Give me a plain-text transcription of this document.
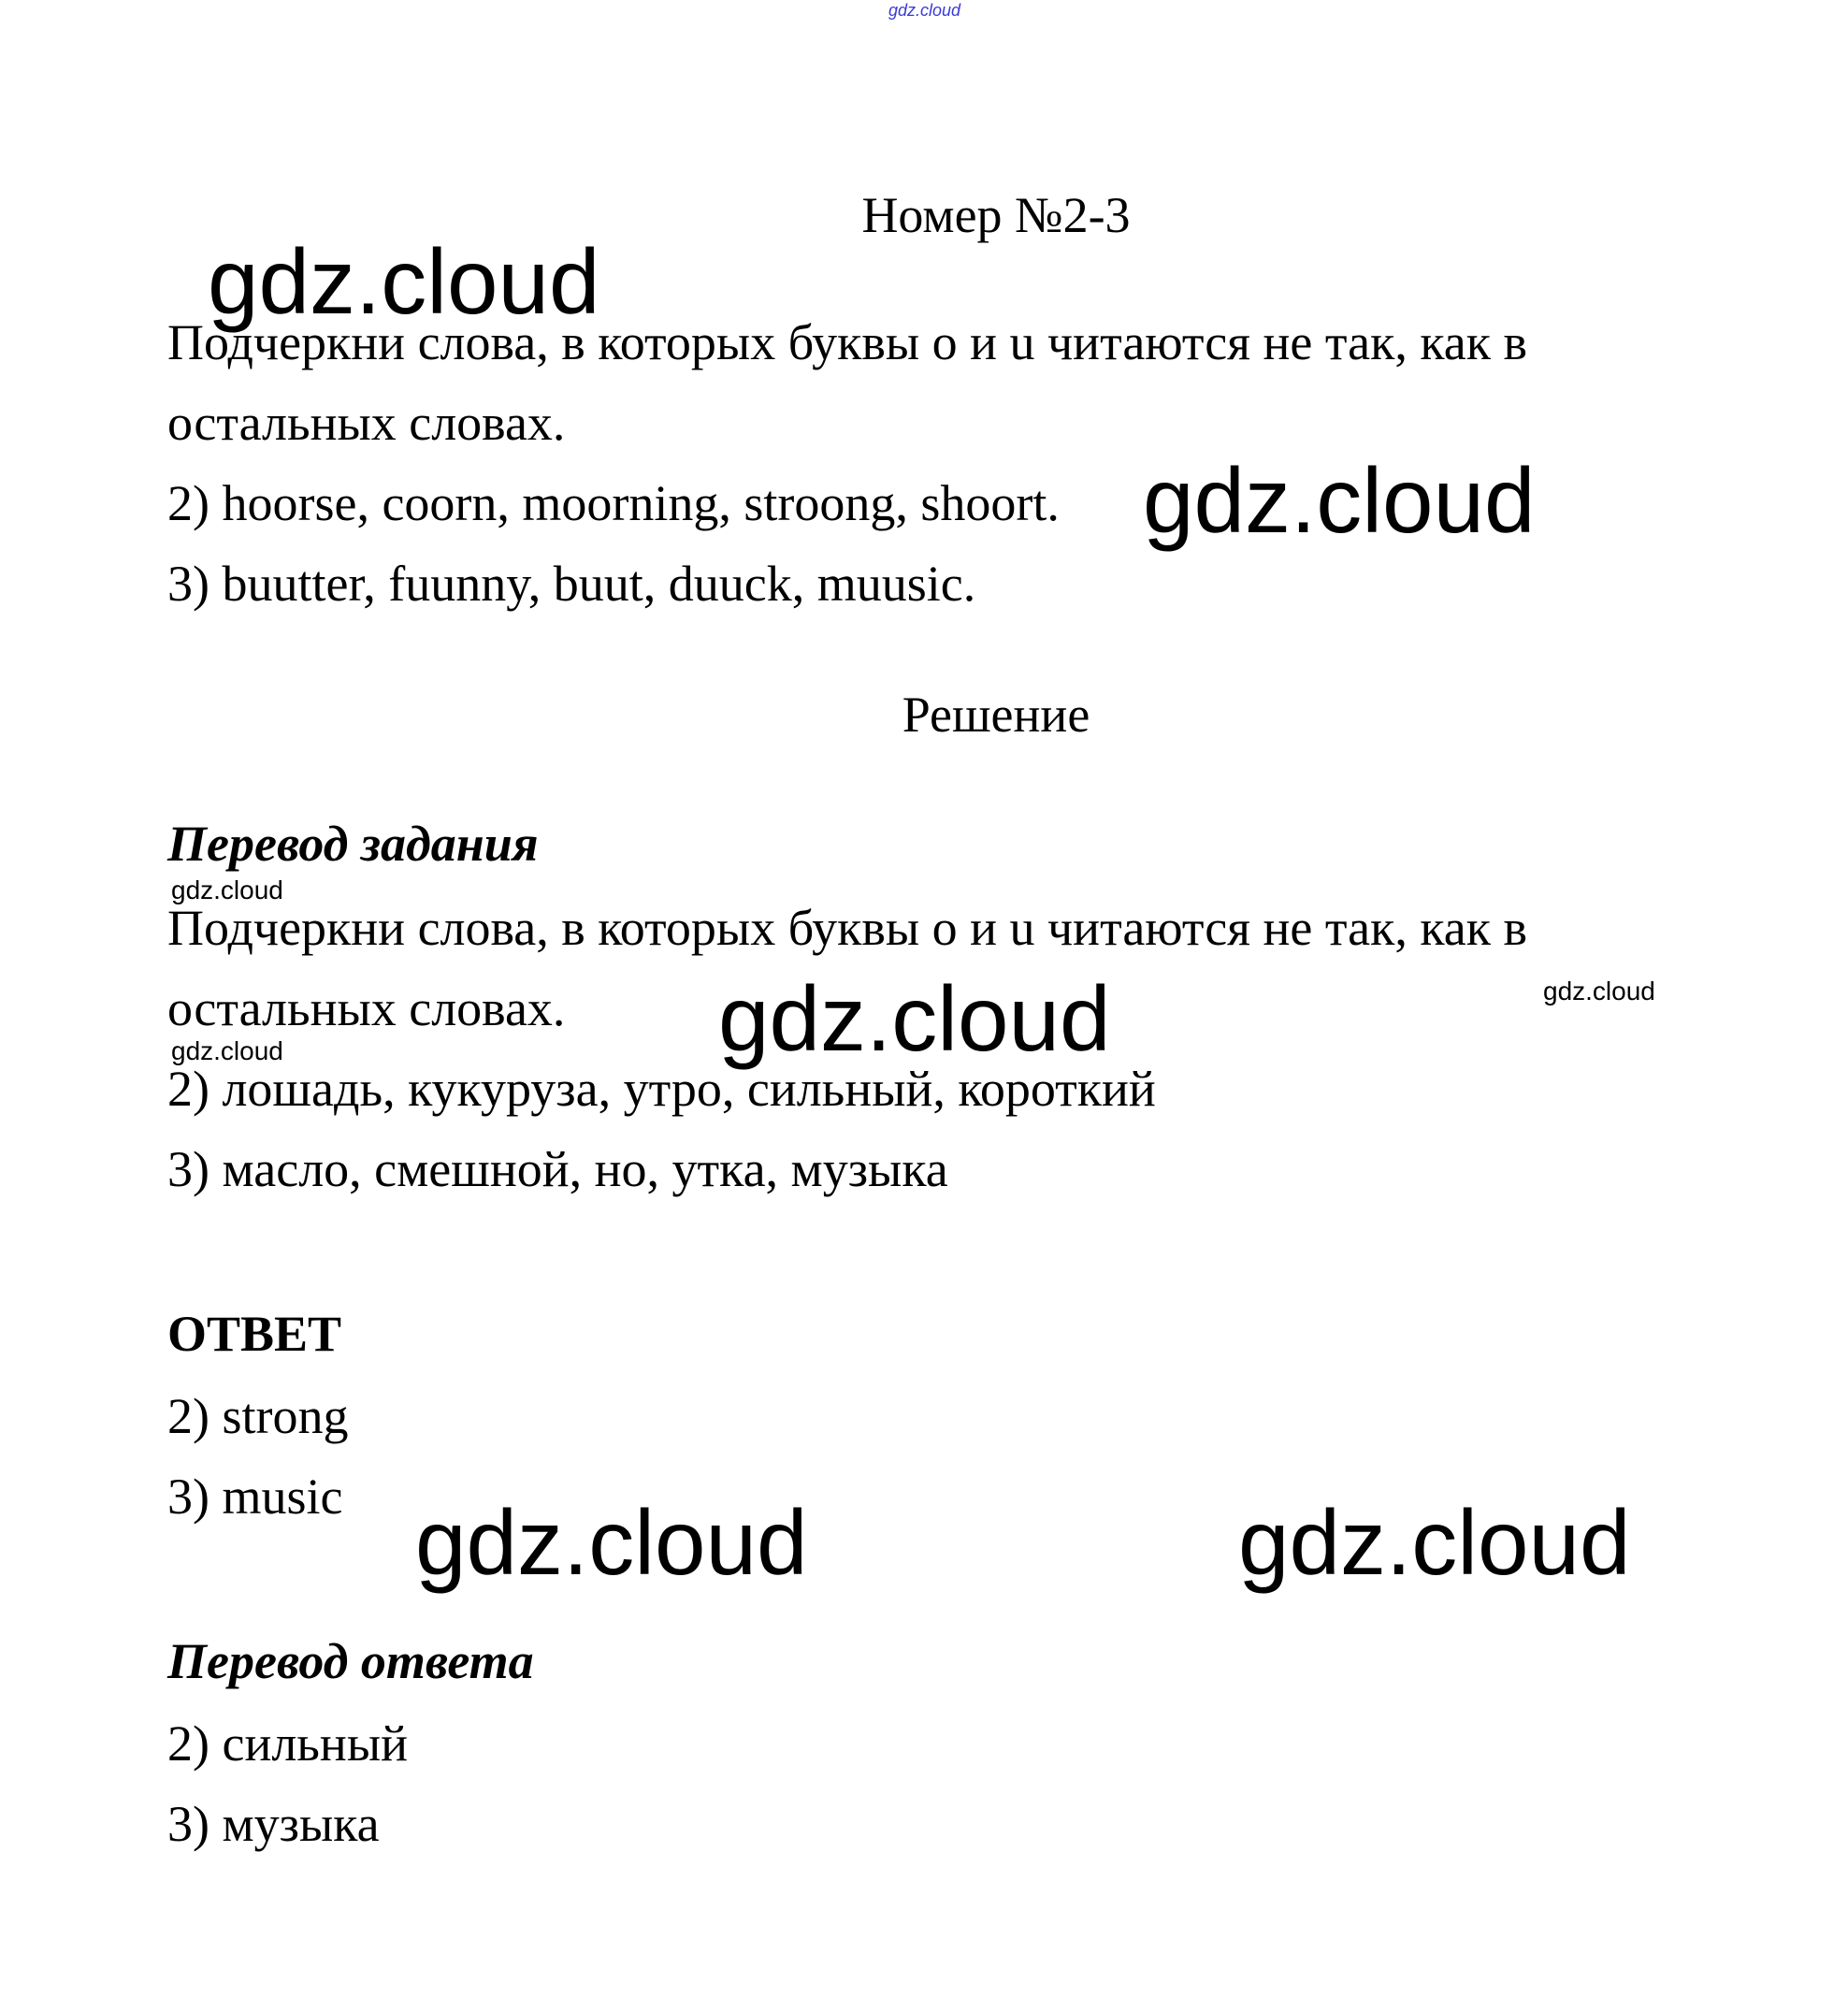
gdz.cloud

Номер №2-3

Подчеркни слова, в которых буквы o и u читаются не так, как в

остальных словах.

2) hoorse, coorn, moorning, stroong, shoort.

3) buutter, fuunny, buut, duuck, muusic.

Решение

Перевод задания

Подчеркни слова, в которых буквы o и u читаются не так, как в

остальных словах.

2) лошадь, кукуруза, утро, сильный, короткий

3) масло, смешной, но, утка, музыка

ОТВЕТ

2) strong

3) music

Перевод ответа

2) сильный

3) музыка

gdz.cloud
gdz.cloud
gdz.cloud
gdz.cloud
gdz.cloud
gdz.cloud
gdz.cloud	gdz.cloud
